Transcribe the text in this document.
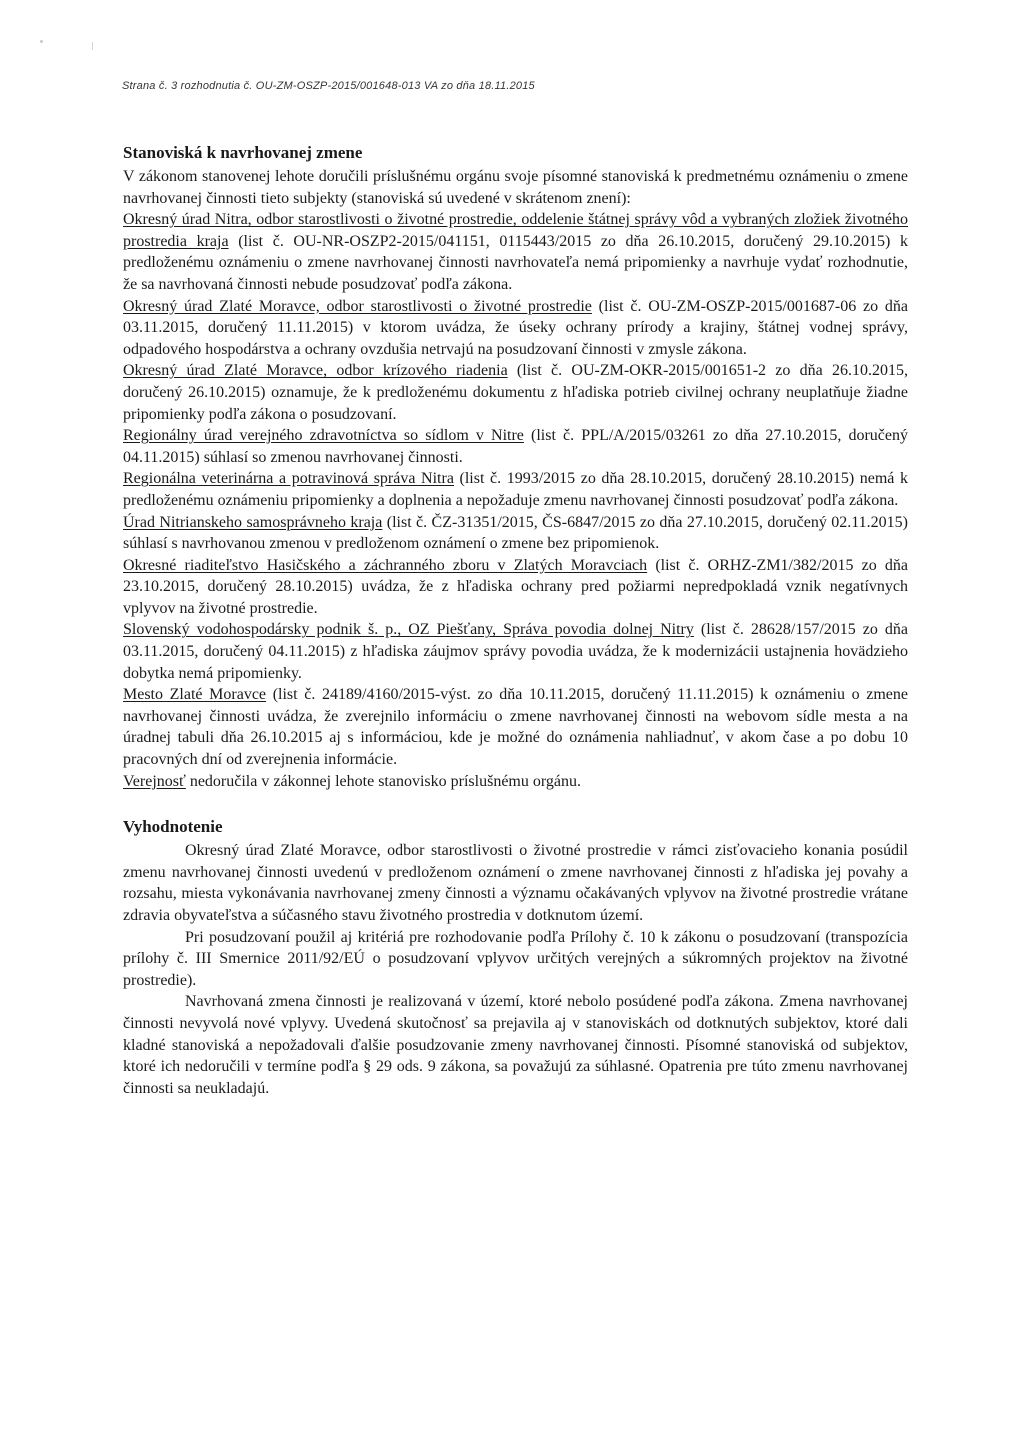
Strana č. 3 rozhodnutia č. OU-ZM-OSZP-2015/001648-013 VA zo dňa 18.11.2015
Stanoviská k navrhovanej zmene

V zákonom stanovenej lehote doručili príslušnému orgánu svoje písomné stanoviská k predmetnému oznámeniu o zmene navrhovanej činnosti tieto subjekty (stanoviská sú uvedené v skrátenom znení):

Okresný úrad Nitra, odbor starostlivosti o životné prostredie, oddelenie štátnej správy vôd a vybraných zložiek životného prostredia kraja (list č. OU-NR-OSZP2-2015/041151, 0115443/2015 zo dňa 26.10.2015, doručený 29.10.2015) k predloženému oznámeniu o zmene navrhovanej činnosti navrhovateľa nemá pripomienky a navrhuje vydať rozhodnutie, že sa navrhovaná činnosti nebude posudzovať podľa zákona.

Okresný úrad Zlaté Moravce, odbor starostlivosti o životné prostredie (list č. OU-ZM-OSZP-2015/001687-06 zo dňa 03.11.2015, doručený 11.11.2015) v ktorom uvádza, že úseky ochrany prírody a krajiny, štátnej vodnej správy, odpadového hospodárstva a ochrany ovzdušia netrvajú na posudzovaní činnosti v zmysle zákona.

Okresný úrad Zlaté Moravce, odbor krízového riadenia (list č. OU-ZM-OKR-2015/001651-2 zo dňa 26.10.2015, doručený 26.10.2015) oznamuje, že k predloženému dokumentu z hľadiska potrieb civilnej ochrany neuplatňuje žiadne pripomienky podľa zákona o posudzovaní.

Regionálny úrad verejného zdravotníctva so sídlom v Nitre (list č. PPL/A/2015/03261 zo dňa 27.10.2015, doručený 04.11.2015) súhlasí so zmenou navrhovanej činnosti.

Regionálna veterinárna a potravinová správa Nitra (list č. 1993/2015 zo dňa 28.10.2015, doručený 28.10.2015) nemá k predloženému oznámeniu pripomienky a doplnenia a nepožaduje zmenu navrhovanej činnosti posudzovať podľa zákona.

Úrad Nitrianskeho samosprávneho kraja (list č. ČZ-31351/2015, ČS-6847/2015 zo dňa 27.10.2015, doručený 02.11.2015) súhlasí s navrhovanou zmenou v predloženom oznámení o zmene bez pripomienok.

Okresné riaditeľstvo Hasičského a záchranného zboru v Zlatých Moravciach (list č. ORHZ-ZM1/382/2015 zo dňa 23.10.2015, doručený 28.10.2015) uvádza, že z hľadiska ochrany pred požiarmi nepredpokladá vznik negatívnych vplyvov na životné prostredie.

Slovenský vodohospodársky podnik š. p., OZ Piešťany, Správa povodia dolnej Nitry (list č. 28628/157/2015 zo dňa 03.11.2015, doručený 04.11.2015) z hľadiska záujmov správy povodia uvádza, že k modernizácii ustajnenia hovädzieho dobytka nemá pripomienky.

Mesto Zlaté Moravce (list č. 24189/4160/2015-výst. zo dňa 10.11.2015, doručený 11.11.2015) k oznámeniu o zmene navrhovanej činnosti uvádza, že zverejnilo informáciu o zmene navrhovanej činnosti na webovom sídle mesta a na úradnej tabuli dňa 26.10.2015 aj s informáciou, kde je možné do oznámenia nahliadnuť, v akom čase a po dobu 10 pracovných dní od zverejnenia informácie.

Verejnosť nedoručila v zákonnej lehote stanovisko príslušnému orgánu.

Vyhodnotenie

Okresný úrad Zlaté Moravce, odbor starostlivosti o životné prostredie v rámci zisťovacieho konania posúdil zmenu navrhovanej činnosti uvedenú v predloženom oznámení o zmene navrhovanej činnosti z hľadiska jej povahy a rozsahu, miesta vykonávania navrhovanej zmeny činnosti a významu očakávaných vplyvov na životné prostredie vrátane zdravia obyvateľstva a súčasného stavu životného prostredia v dotknutom území.

Pri posudzovaní použil aj kritériá pre rozhodovanie podľa Prílohy č. 10 k zákonu o posudzovaní (transpozícia prílohy č. III Smernice 2011/92/EÚ o posudzovaní vplyvov určitých verejných a súkromných projektov na životné prostredie).

Navrhovaná zmena činnosti je realizovaná v území, ktoré nebolo posúdené podľa zákona. Zmena navrhovanej činnosti nevyvolá nové vplyvy. Uvedená skutočnosť sa prejavila aj v stanoviskách od dotknutých subjektov, ktoré dali kladné stanoviská a nepožadovali ďalšie posudzovanie zmeny navrhovanej činnosti. Písomné stanoviská od subjektov, ktoré ich nedoručili v termíne podľa § 29 ods. 9 zákona, sa považujú za súhlasné. Opatrenia pre túto zmenu navrhovanej činnosti sa neukladajú.
